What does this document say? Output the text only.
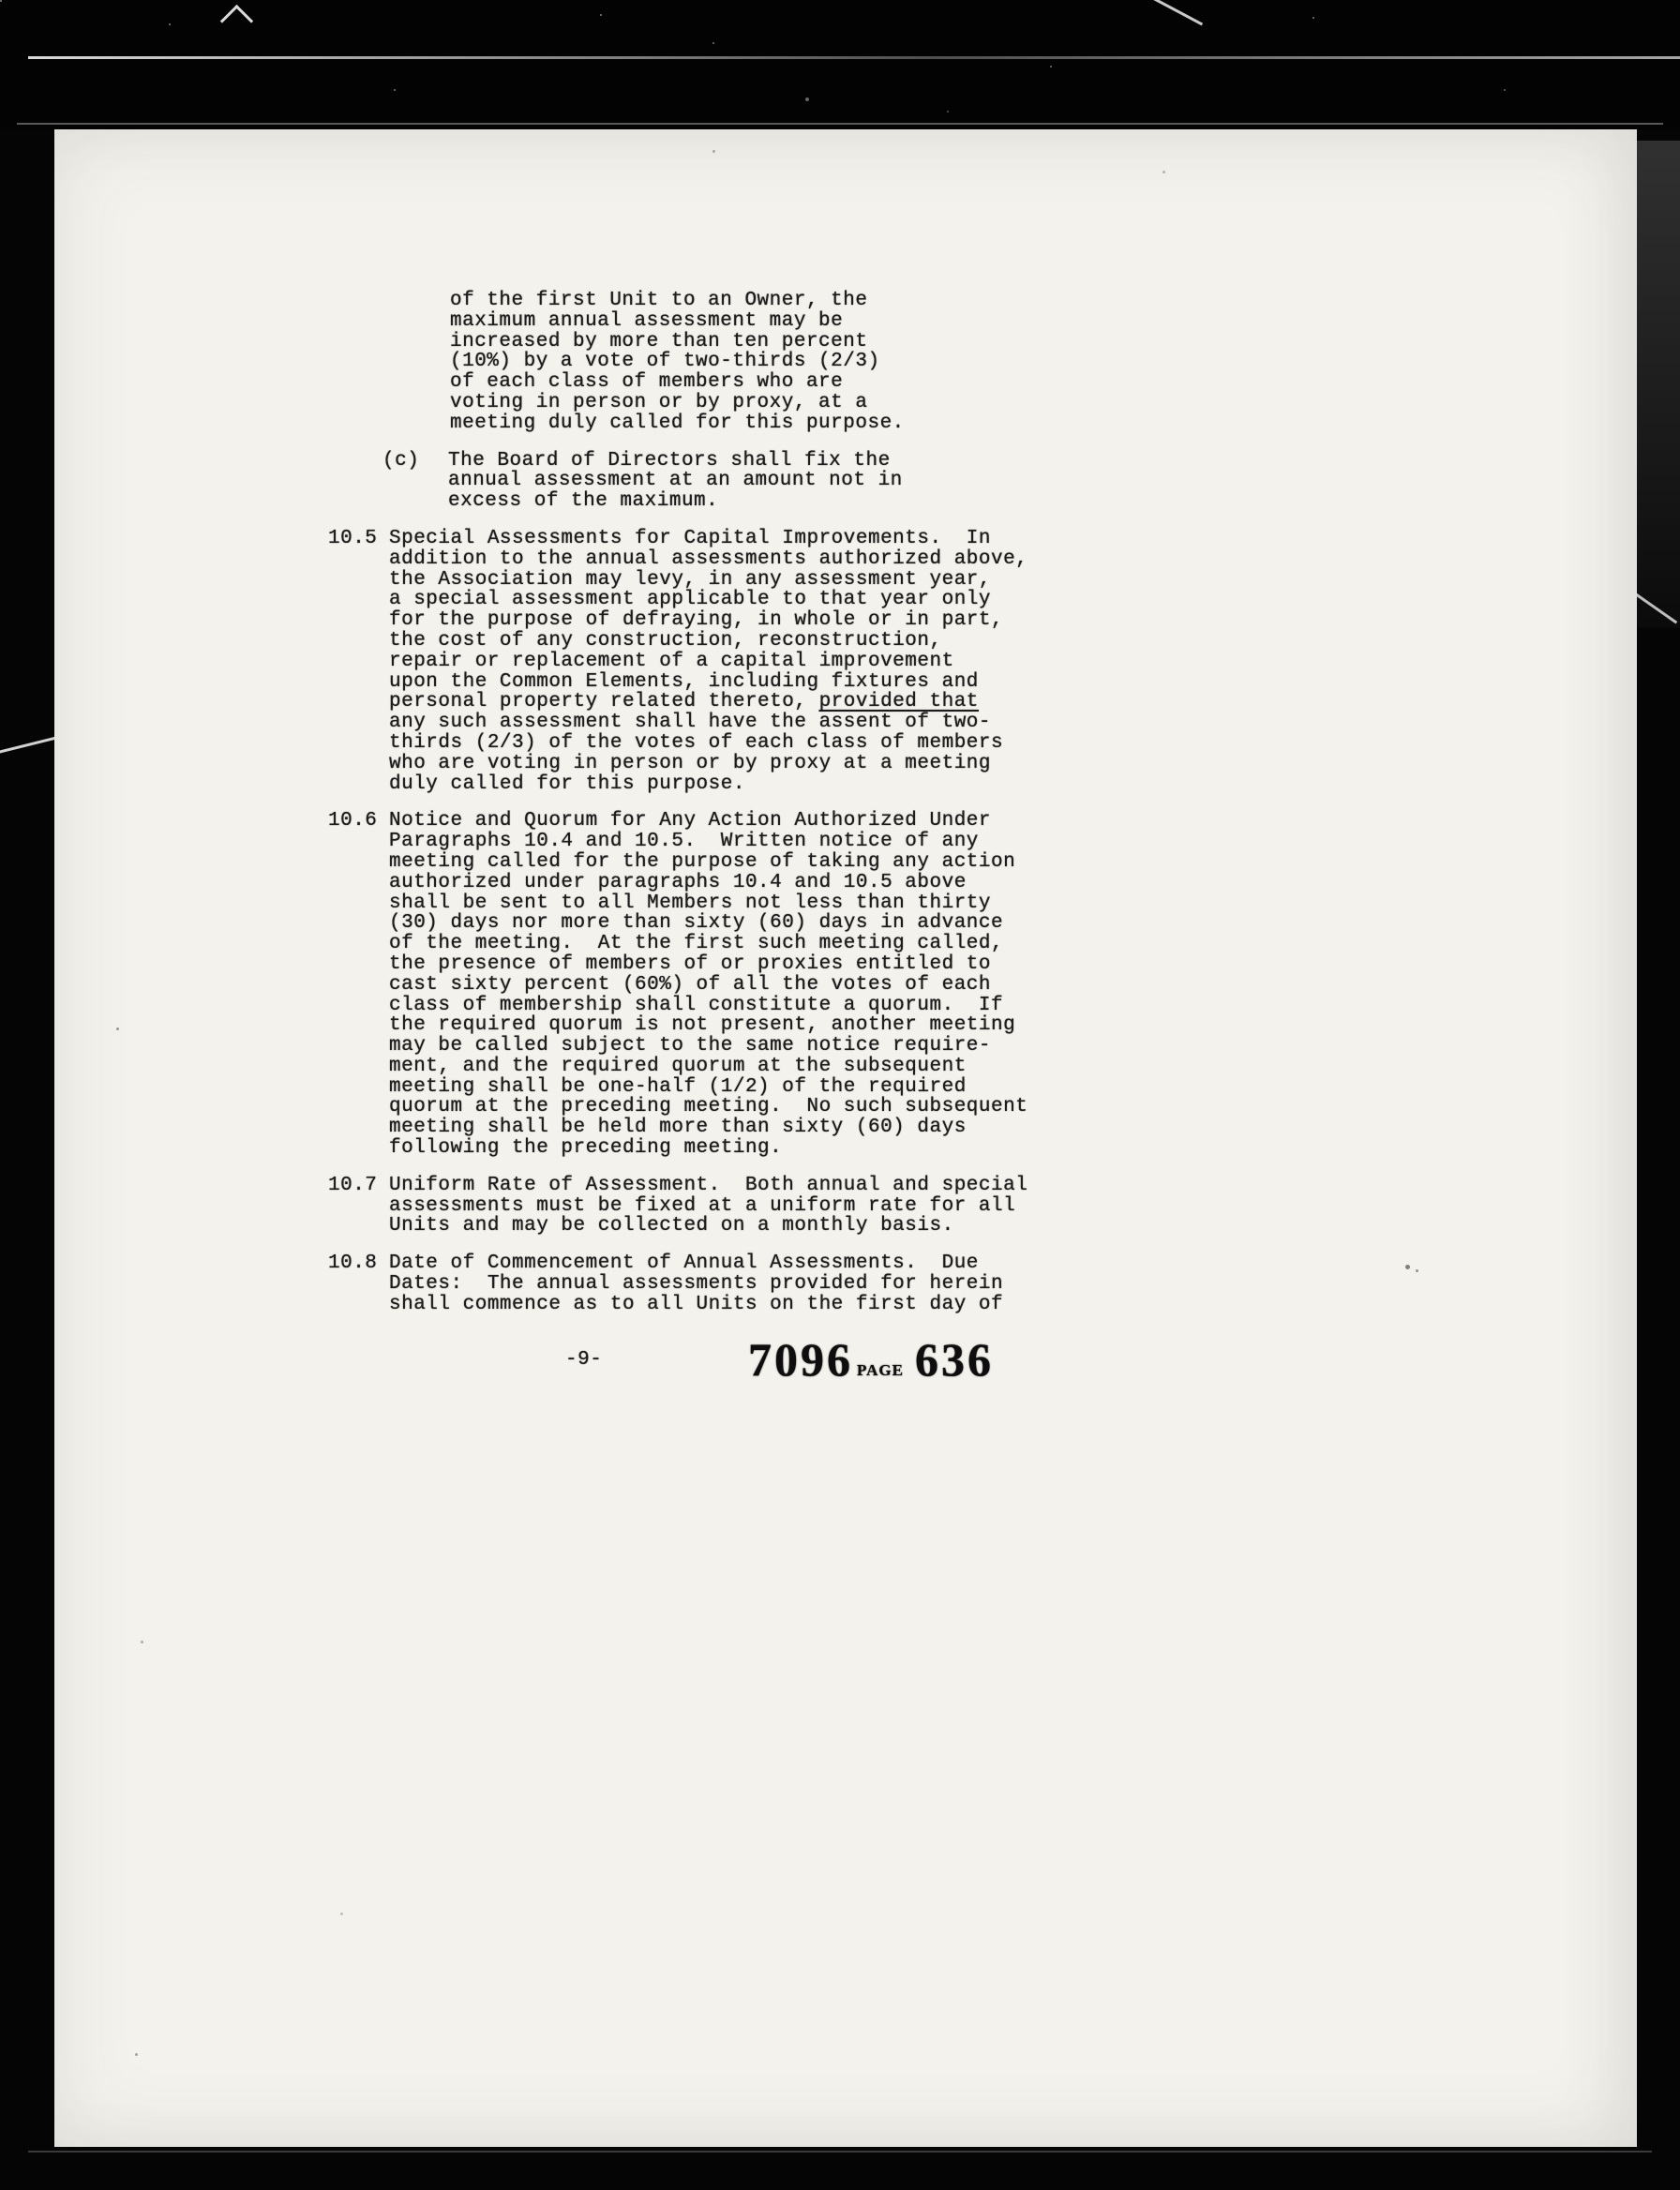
of the first Unit to an Owner, the
maximum annual assessment may be
increased by more than ten percent
(10%) by a vote of two-thirds (2/3)
of each class of members who are
voting in person or by proxy, at a
meeting duly called for this purpose.
(c)	The Board of Directors shall fix the
annual assessment at an amount not in
excess of the maximum.
10.5 Special Assessments for Capital Improvements.  In
addition to the annual assessments authorized above,
the Association may levy, in any assessment year,
a special assessment applicable to that year only
for the purpose of defraying, in whole or in part,
the cost of any construction, reconstruction,
repair or replacement of a capital improvement
upon the Common Elements, including fixtures and
personal property related thereto, provided that
any such assessment shall have the assent of two-
thirds (2/3) of the votes of each class of members
who are voting in person or by proxy at a meeting
duly called for this purpose.
10.6 Notice and Quorum for Any Action Authorized Under
Paragraphs 10.4 and 10.5.  Written notice of any
meeting called for the purpose of taking any action
authorized under paragraphs 10.4 and 10.5 above
shall be sent to all Members not less than thirty
(30) days nor more than sixty (60) days in advance
of the meeting.  At the first such meeting called,
the presence of members of or proxies entitled to
cast sixty percent (60%) of all the votes of each
class of membership shall constitute a quorum.  If
the required quorum is not present, another meeting
may be called subject to the same notice require-
ment, and the required quorum at the subsequent
meeting shall be one-half (1/2) of the required
quorum at the preceding meeting.  No such subsequent
meeting shall be held more than sixty (60) days
following the preceding meeting.
10.7 Uniform Rate of Assessment.  Both annual and special
assessments must be fixed at a uniform rate for all
Units and may be collected on a monthly basis.
10.8 Date of Commencement of Annual Assessments.  Due
Dates:  The annual assessments provided for herein
shall commence as to all Units on the first day of
-9-	7096 PAGE 636
